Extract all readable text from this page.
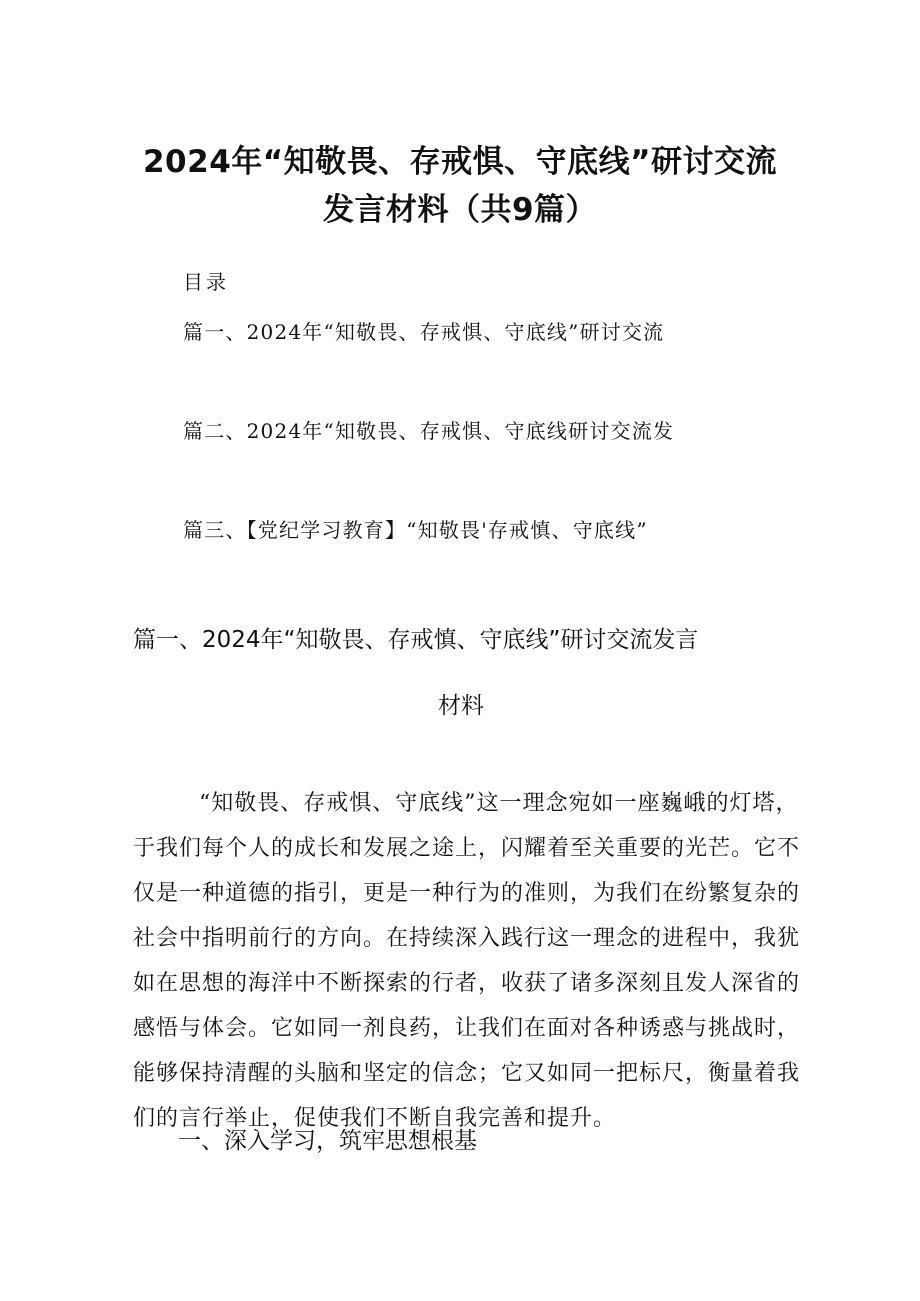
2024年“知敬畏、存戒惧、守底线”研讨交流
发言材料（共9篇）
目录
篇一、2024年“知敬畏、存戒惧、守底线”研讨交流
篇二、2024年“知敬畏、存戒惧、守底线研讨交流发
篇三、【党纪学习教育】“知敬畏'存戒慎、守底线”
篇一、2024年“知敬畏、存戒慎、守底线”研讨交流发言
材料
“知敬畏、存戒惧、守底线”这一理念宛如一座巍峨的灯塔，
于我们每个人的成长和发展之途上，闪耀着至关重要的光芒。它不
仅是一种道德的指引，更是一种行为的准则，为我们在纷繁复杂的
社会中指明前行的方向。在持续深入践行这一理念的进程中，我犹
如在思想的海洋中不断探索的行者，收获了诸多深刻且发人深省的
感悟与体会。它如同一剂良药，让我们在面对各种诱惑与挑战时，
能够保持清醒的头脑和坚定的信念；它又如同一把标尺，衡量着我
们的言行举止，促使我们不断自我完善和提升。
一、深入学习，筑牢思想根基
